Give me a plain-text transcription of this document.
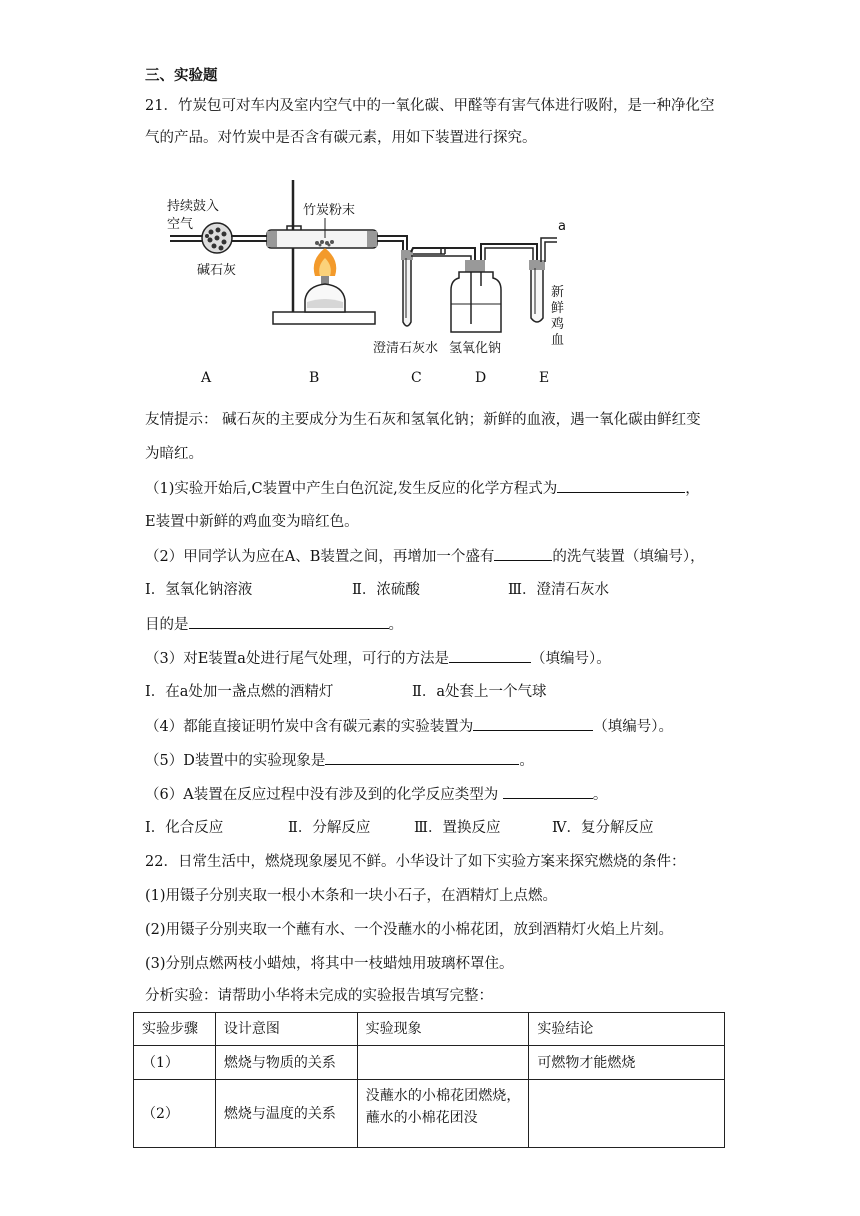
三、实验题
21．竹炭包可对车内及室内空气中的一氧化碳、甲醛等有害气体进行吸附，是一种净化空
气的产品。对竹炭中是否含有碳元素，用如下装置进行探究。
持续鼓入
空气
碱石灰
竹炭粉末
澄清石灰水 氢氧化钠
a
新
鲜
鸡
血
A	B	C	D	E
友情提示： 碱石灰的主要成分为生石灰和氢氧化钠；新鲜的血液，遇一氧化碳由鲜红变
为暗红。
（1)实验开始后,C装置中产生白色沉淀,发生反应的化学方程式为	，
E装置中新鲜的鸡血变为暗红色。
（2）甲同学认为应在A、B装置之间，再增加一个盛有	的洗气装置（填编号），
Ⅰ．氢氧化钠溶液	Ⅱ．浓硫酸	Ⅲ．澄清石灰水
目的是	。
（3）对E装置a处进行尾气处理，可行的方法是	（填编号）。
Ⅰ．在a处加一盏点燃的酒精灯	Ⅱ．a处套上一个气球
（4）都能直接证明竹炭中含有碳元素的实验装置为	（填编号）。
（5）D装置中的实验现象是	。
（6）A装置在反应过程中没有涉及到的化学反应类型为	。
Ⅰ．化合反应	Ⅱ．分解反应	Ⅲ．置换反应	Ⅳ．复分解反应
22．日常生活中，燃烧现象屡见不鲜。小华设计了如下实验方案来探究燃烧的条件：
(1)用镊子分别夹取一根小木条和一块小石子，在酒精灯上点燃。
(2)用镊子分别夹取一个蘸有水、一个没蘸水的小棉花团，放到酒精灯火焰上片刻。
(3)分别点燃两枝小蜡烛，将其中一枝蜡烛用玻璃杯罩住。
分析实验：请帮助小华将未完成的实验报告填写完整：
实验步骤	设计意图	实验现象	实验结论
（1）	燃烧与物质的关系		可燃物才能燃烧
（2）	燃烧与温度的关系	没蘸水的小棉花团燃烧，蘸水的小棉花团没	
